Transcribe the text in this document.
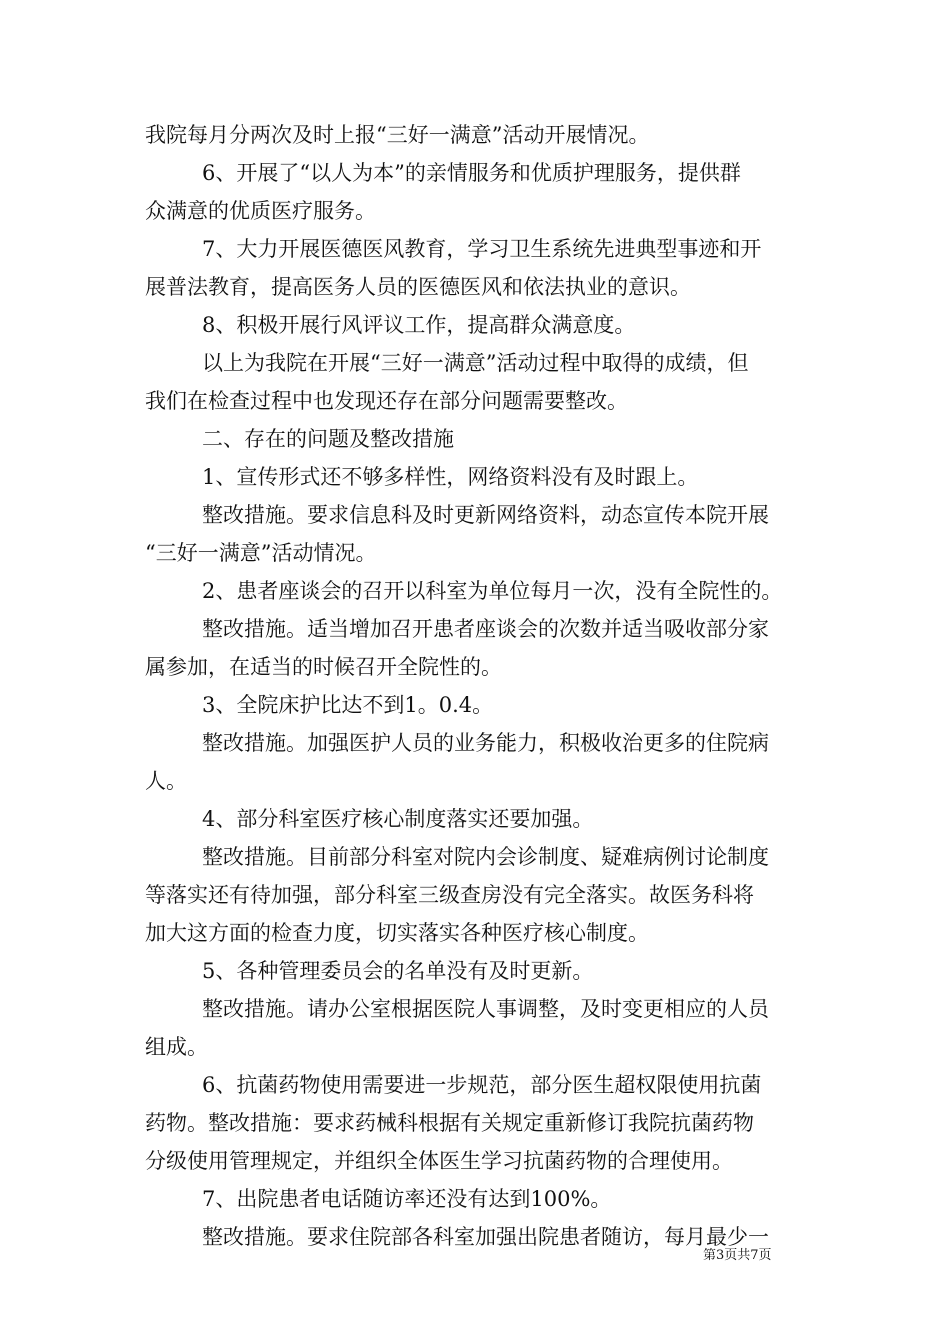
我院每月分两次及时上报“三好一满意”活动开展情况。
6、开展了“以人为本”的亲情服务和优质护理服务，提供群
众满意的优质医疗服务。
7、大力开展医德医风教育，学习卫生系统先进典型事迹和开
展普法教育，提高医务人员的医德医风和依法执业的意识。
8、积极开展行风评议工作，提高群众满意度。
以上为我院在开展“三好一满意”活动过程中取得的成绩，但
我们在检查过程中也发现还存在部分问题需要整改。
二、存在的问题及整改措施
1、宣传形式还不够多样性，网络资料没有及时跟上。
整改措施。要求信息科及时更新网络资料，动态宣传本院开展
“三好一满意”活动情况。
2、患者座谈会的召开以科室为单位每月一次，没有全院性的。
整改措施。适当增加召开患者座谈会的次数并适当吸收部分家
属参加，在适当的时候召开全院性的。
3、全院床护比达不到1。0.4。
整改措施。加强医护人员的业务能力，积极收治更多的住院病
人。
4、部分科室医疗核心制度落实还要加强。
整改措施。目前部分科室对院内会诊制度、疑难病例讨论制度
等落实还有待加强，部分科室三级查房没有完全落实。故医务科将
加大这方面的检查力度，切实落实各种医疗核心制度。
5、各种管理委员会的名单没有及时更新。
整改措施。请办公室根据医院人事调整，及时变更相应的人员
组成。
6、抗菌药物使用需要进一步规范，部分医生超权限使用抗菌
药物。整改措施：要求药械科根据有关规定重新修订我院抗菌药物
分级使用管理规定，并组织全体医生学习抗菌药物的合理使用。
7、出院患者电话随访率还没有达到100%。
整改措施。要求住院部各科室加强出院患者随访，每月最少一
第3页共7页
